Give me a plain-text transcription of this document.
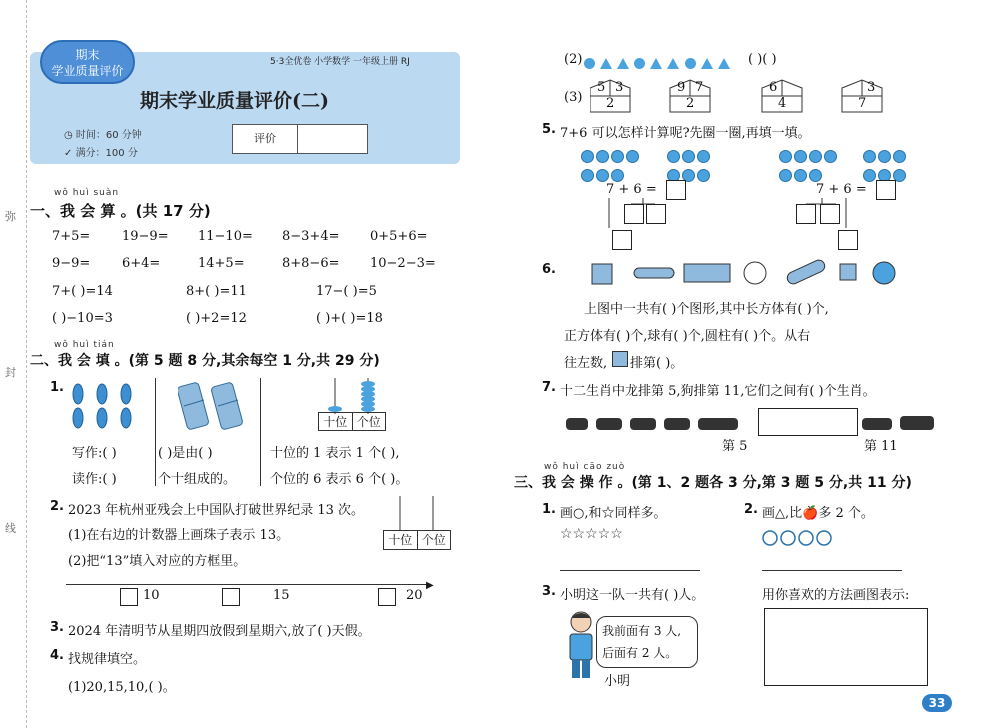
弥
封
线
期末
学业质量评价
5·3全优卷 小学数学 一年级上册 RJ
期末学业质量评价(二)
◷ 时间：60 分钟
✓ 满分：100 分
评价
wǒ huì suàn
一、我 会 算 。(共 17 分)
7+5= 19−9= 11−10= 8−3+4= 0+5+6=
9−9= 6+4=	14+5=	8+8−6= 10−2−3=
7+( )=14	8+( )=11	17−( )=5
( )−10=3	( )+2=12	( )+( )=18
wǒ huì tián
二、我 会 填 。(第 5 题 8 分,其余每空 1 分,共 29 分)
1.
十位 个位
写作:( )
读作:( )
( )是由( )
个十组成的。
十位的 1 表示 1 个( ),
个位的 6 表示 6 个( )。
2. 2023 年杭州亚残会上中国队打破世界纪录 13 次。
(1)在右边的计数器上画珠子表示 13。
(2)把“13”填入对应的方框里。
十位 个位
▶
10	15	20
3. 2024 年清明节从星期四放假到星期六,放了( )天假。
4. 找规律填空。
(1)20,15,10,( )。
(2)
	( )( )
(3)
5 3
2
9 7
2
6
4
3
7
5. 7+6 可以怎样计算呢?先圈一圈,再填一填。

7 + 6 =	7 + 6 =
6.
上图中一共有( )个图形,其中长方体有( )个,
正方体有( )个,球有( )个,圆柱有( )个。从右
往左数, 排第( )。
7. 十二生肖中龙排第 5,狗排第 11,它们之间有( )个生肖。
第 5	第 11
wǒ huì cāo zuò
三、我 会 操 作 。(第 1、2 题各 3 分,第 3 题 5 分,共 11 分)
1. 画○,和☆同样多。
☆☆☆☆☆
2. 画△,比🍎多 2 个。
3. 小明这一队一共有( )人。	用你喜欢的方法画图表示:
我前面有 3 人,
后面有 2 人。
小明
33
